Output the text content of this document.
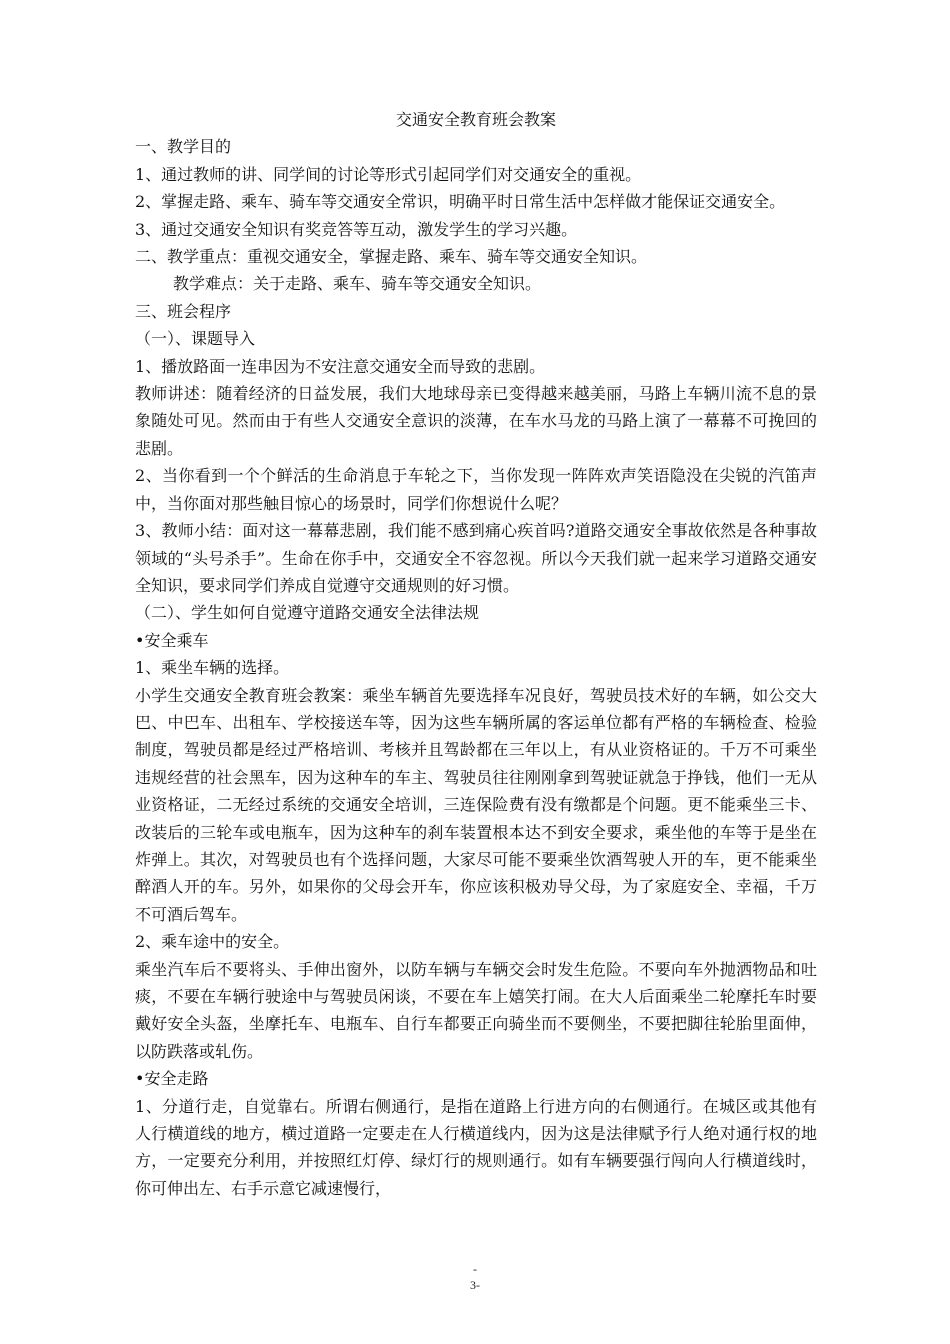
交通安全教育班会教案

一、教学目的

1、通过教师的讲、同学间的讨论等形式引起同学们对交通安全的重视。

2、掌握走路、乘车、骑车等交通安全常识，明确平时日常生活中怎样做才能保证交通安全。

3、通过交通安全知识有奖竞答等互动，激发学生的学习兴趣。

二、教学重点：重视交通安全，掌握走路、乘车、骑车等交通安全知识。

教学难点：关于走路、乘车、骑车等交通安全知识。

三、班会程序

（一）、课题导入

1、播放路面一连串因为不安注意交通安全而导致的悲剧。

教师讲述：随着经济的日益发展，我们大地球母亲已变得越来越美丽，马路上车辆川流不息的景象随处可见。然而由于有些人交通安全意识的淡薄，在车水马龙的马路上演了一幕幕不可挽回的悲剧。

2、当你看到一个个鲜活的生命消息于车轮之下，当你发现一阵阵欢声笑语隐没在尖锐的汽笛声中，当你面对那些触目惊心的场景时，同学们你想说什么呢？

3、教师小结：面对这一幕幕悲剧，我们能不感到痛心疾首吗?道路交通安全事故依然是各种事故领域的“头号杀手”。生命在你手中，交通安全不容忽视。所以今天我们就一起来学习道路交通安全知识，要求同学们养成自觉遵守交通规则的好习惯。

（二）、学生如何自觉遵守道路交通安全法律法规

•安全乘车

1、乘坐车辆的选择。

小学生交通安全教育班会教案：乘坐车辆首先要选择车况良好，驾驶员技术好的车辆，如公交大巴、中巴车、出租车、学校接送车等，因为这些车辆所属的客运单位都有严格的车辆检查、检验制度，驾驶员都是经过严格培训、考核并且驾龄都在三年以上，有从业资格证的。千万不可乘坐违规经营的社会黑车，因为这种车的车主、驾驶员往往刚刚拿到驾驶证就急于挣钱，他们一无从业资格证，二无经过系统的交通安全培训，三连保险费有没有缴都是个问题。更不能乘坐三卡、改装后的三轮车或电瓶车，因为这种车的刹车装置根本达不到安全要求，乘坐他的车等于是坐在炸弹上。其次，对驾驶员也有个选择问题，大家尽可能不要乘坐饮酒驾驶人开的车，更不能乘坐醉酒人开的车。另外，如果你的父母会开车，你应该积极劝导父母，为了家庭安全、幸福，千万不可酒后驾车。

2、乘车途中的安全。

乘坐汽车后不要将头、手伸出窗外，以防车辆与车辆交会时发生危险。不要向车外抛洒物品和吐痰，不要在车辆行驶途中与驾驶员闲谈，不要在车上嬉笑打闹。在大人后面乘坐二轮摩托车时要戴好安全头盔，坐摩托车、电瓶车、自行车都要正向骑坐而不要侧坐，不要把脚往轮胎里面伸，以防跌落或轧伤。

•安全走路

1、分道行走，自觉靠右。所谓右侧通行，是指在道路上行进方向的右侧通行。在城区或其他有人行横道线的地方，横过道路一定要走在人行横道线内，因为这是法律赋予行人绝对通行权的地方，一定要充分利用，并按照红灯停、绿灯行的规则通行。如有车辆要强行闯向人行横道线时，你可伸出左、右手示意它减速慢行，

-
3-
